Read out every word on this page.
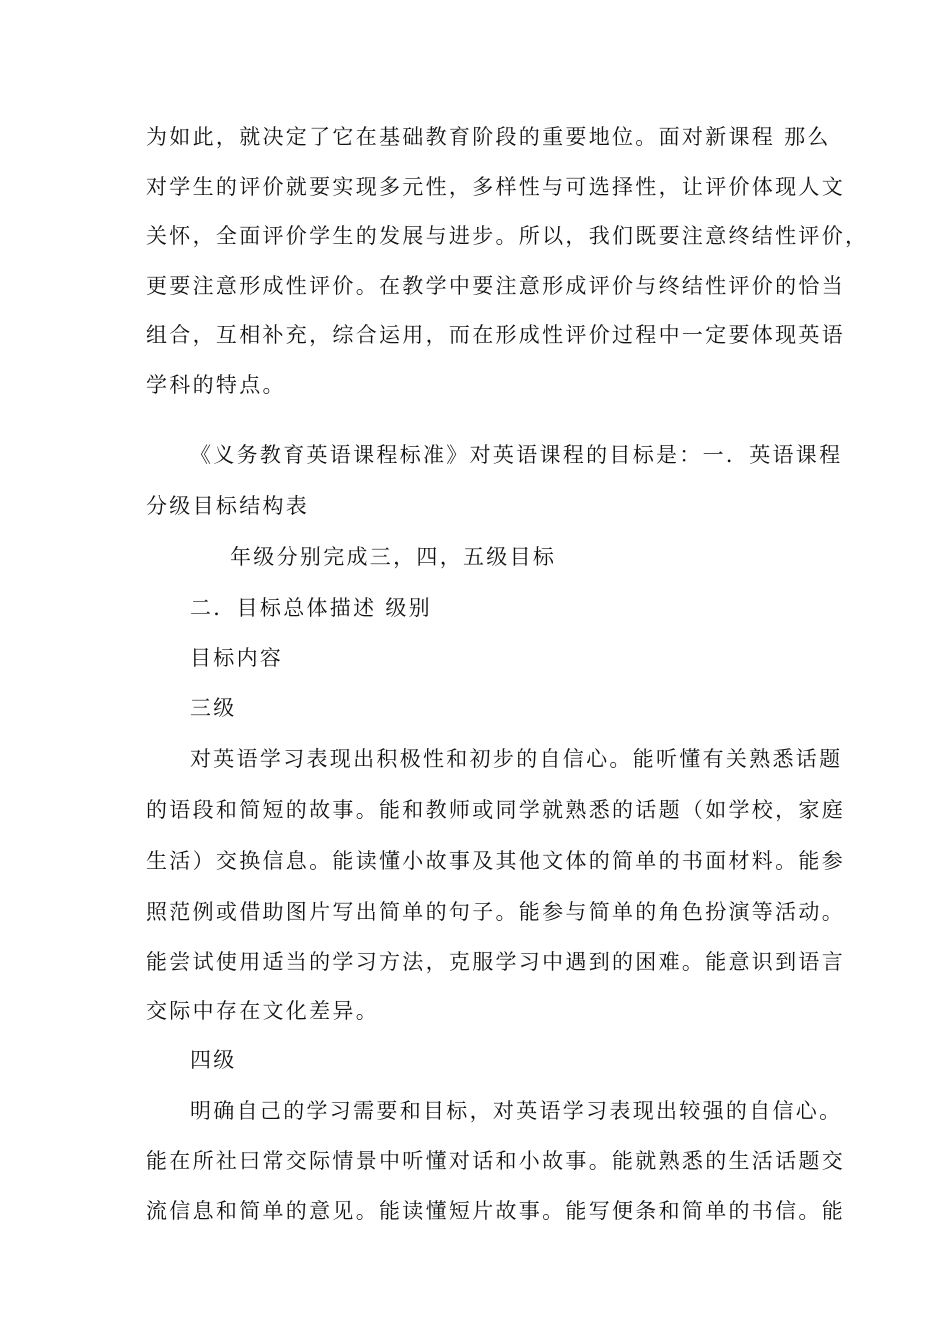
为如此，就决定了它在基础教育阶段的重要地位。面对新课程 那么
对学生的评价就要实现多元性，多样性与可选择性，让评价体现人文
关怀，全面评价学生的发展与进步。所以，我们既要注意终结性评价，
更要注意形成性评价。在教学中要注意形成评价与终结性评价的恰当
组合，互相补充，综合运用，而在形成性评价过程中一定要体现英语
学科的特点。
《义务教育英语课程标准》对英语课程的目标是：一．英语课程
分级目标结构表
年级分别完成三，四，五级目标
二．目标总体描述 级别
目标内容
三级
对英语学习表现出积极性和初步的自信心。能听懂有关熟悉话题
的语段和简短的故事。能和教师或同学就熟悉的话题（如学校，家庭
生活）交换信息。能读懂小故事及其他文体的简单的书面材料。能参
照范例或借助图片写出简单的句子。能参与简单的角色扮演等活动。
能尝试使用适当的学习方法，克服学习中遇到的困难。能意识到语言
交际中存在文化差异。
四级
明确自己的学习需要和目标，对英语学习表现出较强的自信心。
能在所社曰常交际情景中听懂对话和小故事。能就熟悉的生活话题交
流信息和简单的意见。能读懂短片故事。能写便条和简单的书信。能
